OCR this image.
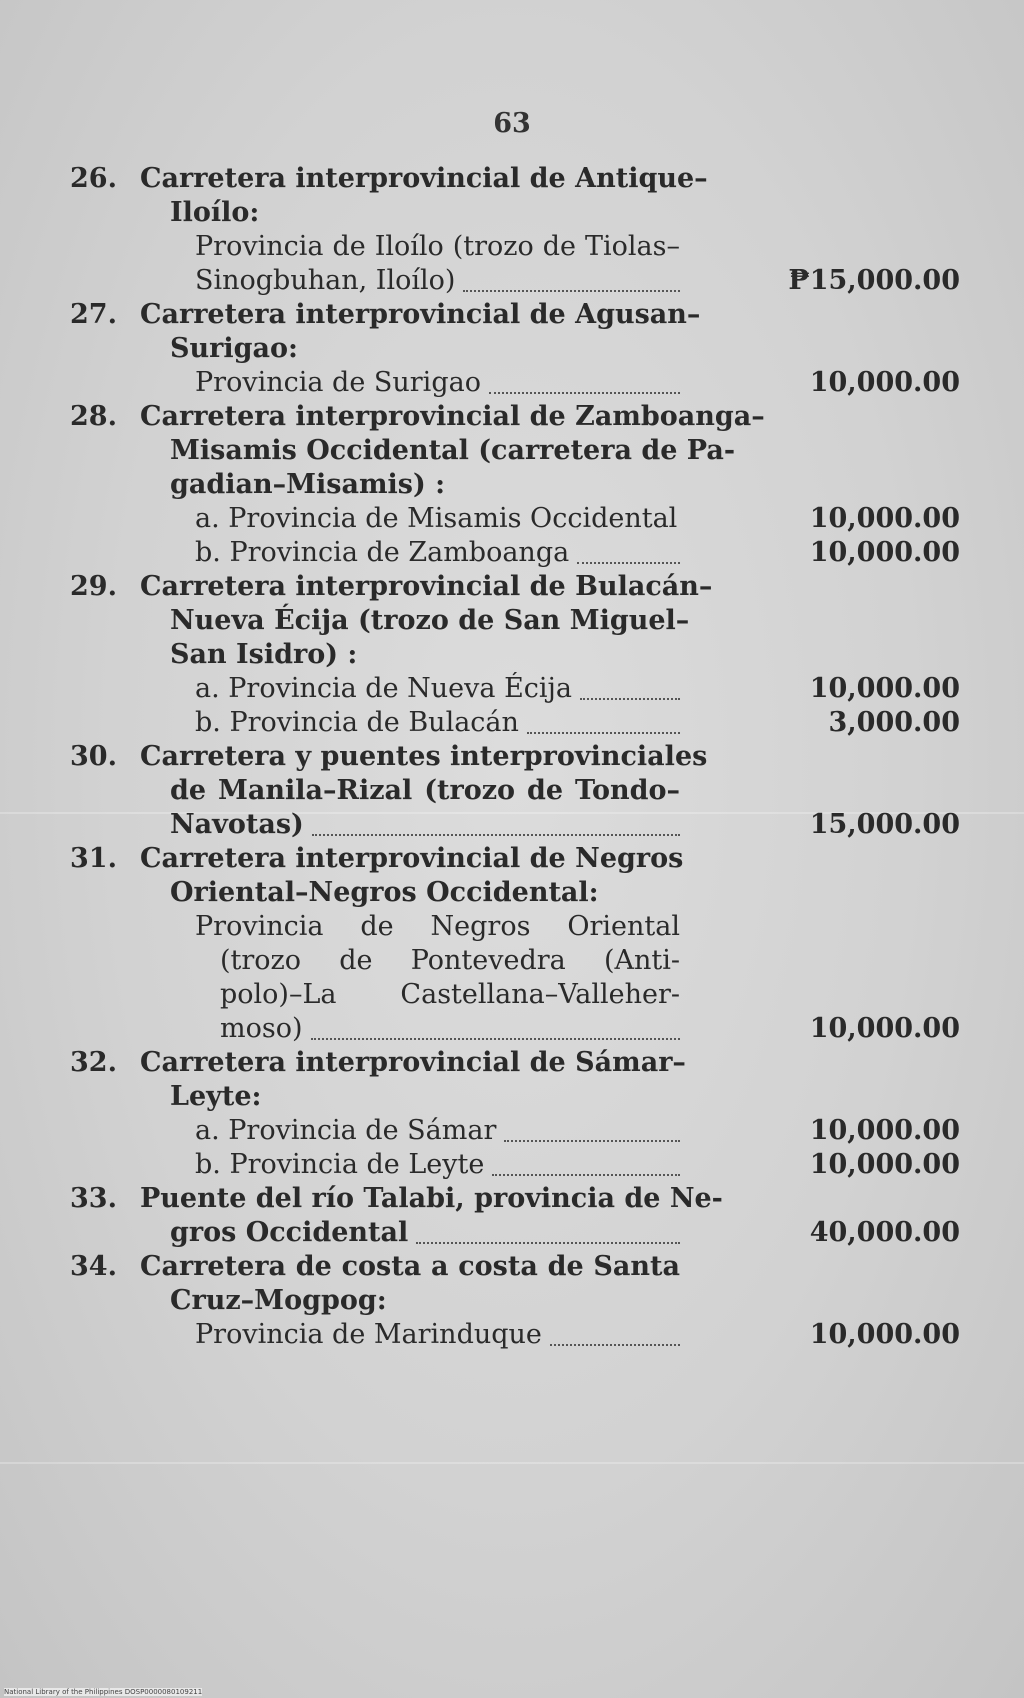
63
26. Carretera interprovincial de Antique–
Iloílo:
Provincia de Iloílo (trozo de Tiolas–
Sinogbuhan, Iloílo)	₱15,000.00
27. Carretera interprovincial de Agusan–
Surigao:
Provincia de Surigao	10,000.00
28. Carretera interprovincial de Zamboanga–
Misamis Occidental (carretera de Pa-
gadian–Misamis) :
a. Provincia de Misamis Occidental	10,000.00
b. Provincia de Zamboanga	10,000.00
29. Carretera interprovincial de Bulacán–
Nueva Écija (trozo de San Miguel–
San Isidro) :
a. Provincia de Nueva Écija	10,000.00
b. Provincia de Bulacán	3,000.00
30. Carretera y puentes interprovinciales
de Manila–Rizal (trozo de Tondo–
Navotas)	15,000.00
31. Carretera interprovincial de Negros
Oriental–Negros Occidental:
Provincia de Negros Oriental
(trozo de Pontevedra (Anti-
polo)–La Castellana–Valleher-
moso)	10,000.00
32. Carretera interprovincial de Sámar–
Leyte:
a. Provincia de Sámar	10,000.00
b. Provincia de Leyte	10,000.00
33. Puente del río Talabi, provincia de Ne-
gros Occidental	40,000.00
34. Carretera de costa a costa de Santa
Cruz–Mogpog:
Provincia de Marinduque	10,000.00
National Library of the Philippines DOSP0000080109211
